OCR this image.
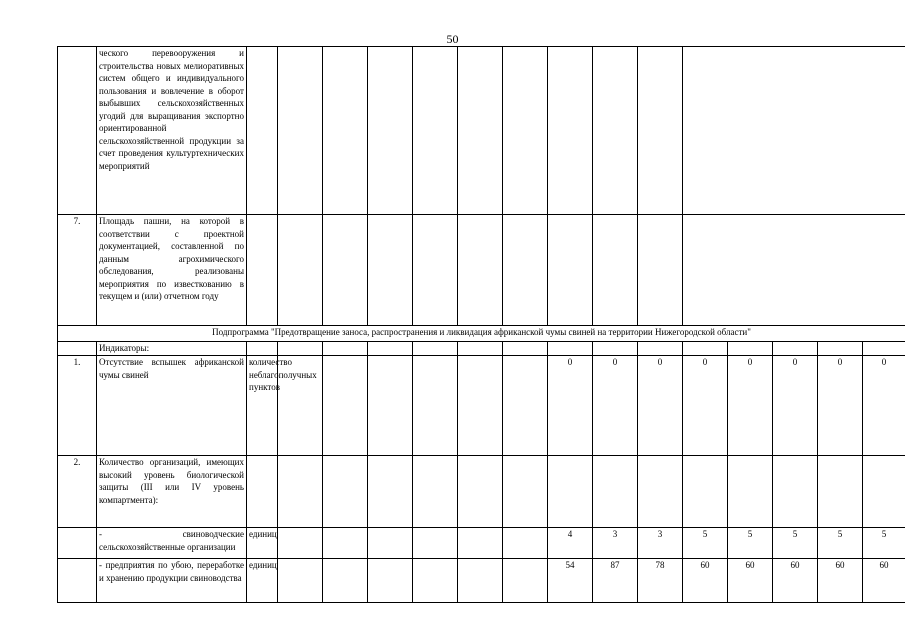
50
	ческого перевооружения и строительства новых мелиоративных систем общего и индивидуального пользования и вовлечение в оборот выбывших сельскохозяйственных угодий для выращивания экспортно ориентированной сельскохозяйственной продукции за счет проведения культуртехнических мероприятий															
7.	Площадь пашни, на которой в соответствии с проектной документацией, составленной по данным агрохимического обследования, реализованы мероприятия по известкованию в текущем и (или) отчетном году															
Подпрограмма "Предотвращение заноса, распространения и ликвидация африканской чумы свиней на территории Нижегородской области"																
	Индикаторы:															
1.	Отсутствие вспышек африканской чумы свиней	количество неблагополучных пунктов							0	0	0	0	0	0	0	0
2.	Количество организаций, имеющих высокий уровень биологической защиты (III или IV уровень компартмента):															
	- свиноводческие сельскохозяйственные организации	единиц							4	3	3	5	5	5	5	5
	- предприятия по убою, переработке и хранению продукции свиноводства	единиц							54	87	78	60	60	60	60	60
